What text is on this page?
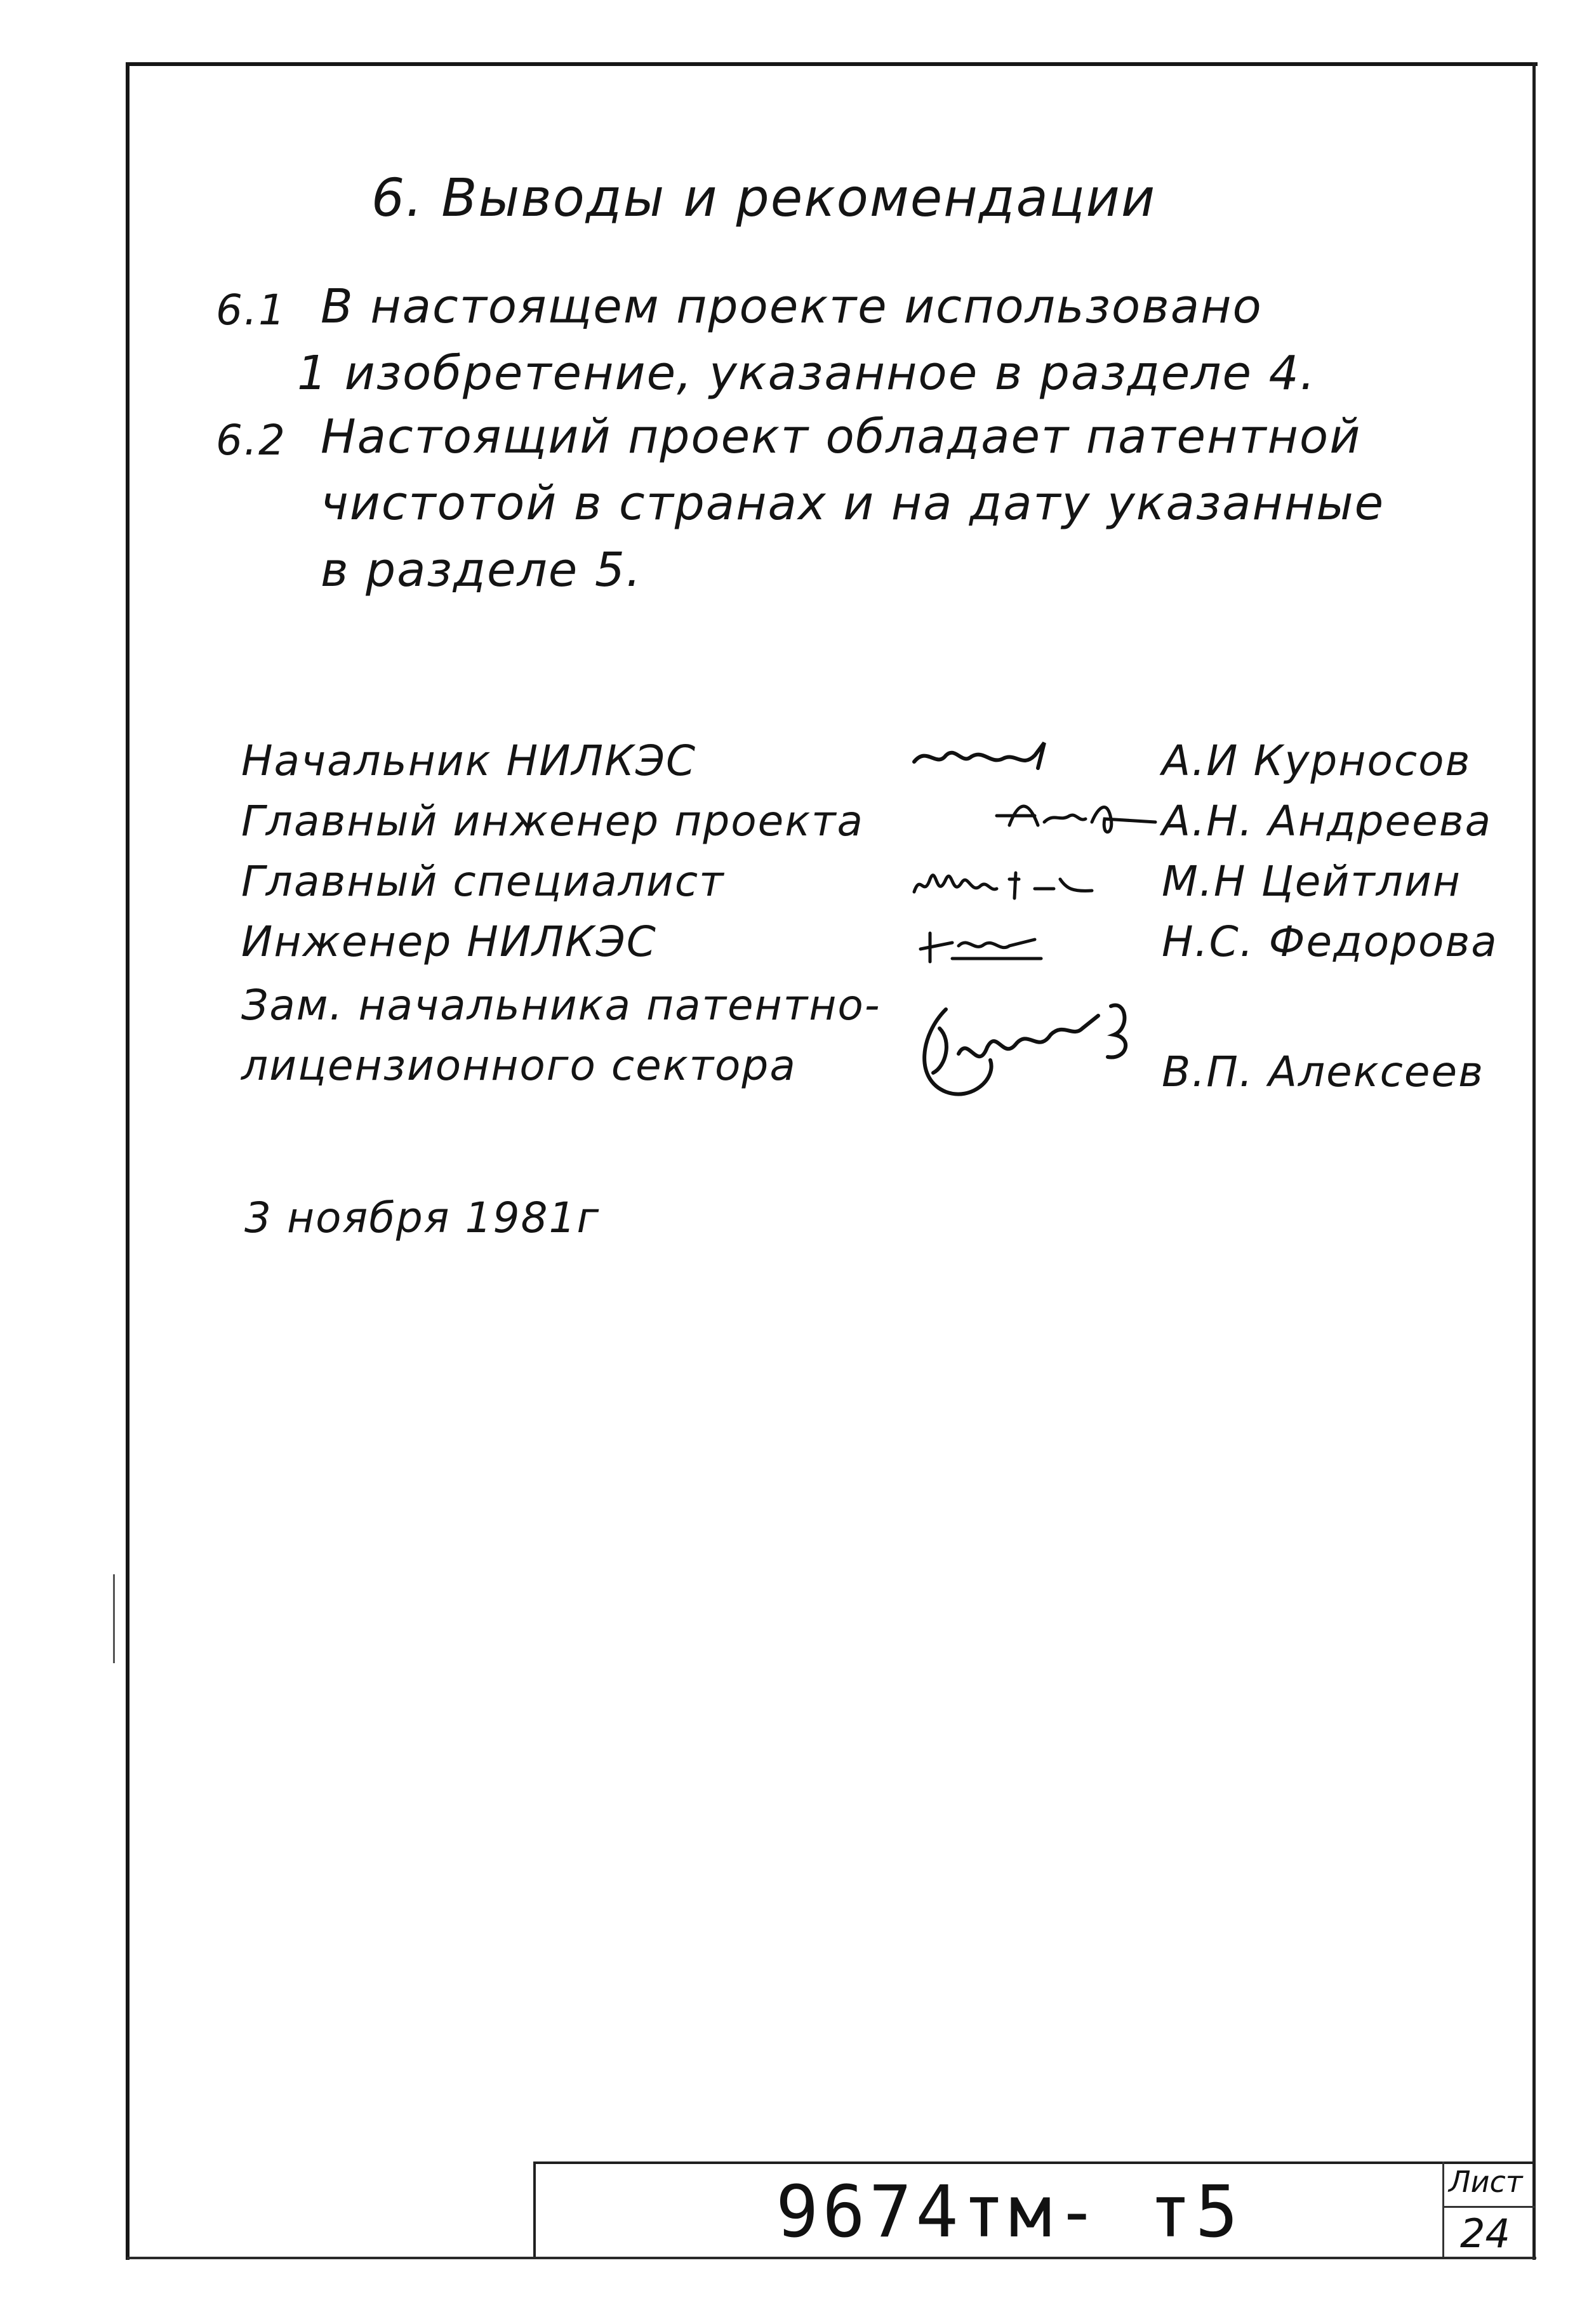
6. Выводы и рекомендации
6.1 В настоящем проекте использовано
1 изобретение, указанное в разделе 4.
6.2 Настоящий проект обладает патентной
чистотой в странах и на дату указанные
в разделе 5.
Начальник НИЛКЭС	А.И Курносов
Главный инженер проекта	А.Н. Андреева
Главный специалист	М.Н Цейтлин
Инженер НИЛКЭС	Н.С. Федорова
Зам. начальника патентно-
лицензионного сектора	В.П. Алексеев
3 ноября 1981г
9674тм- т5	Лист
24
